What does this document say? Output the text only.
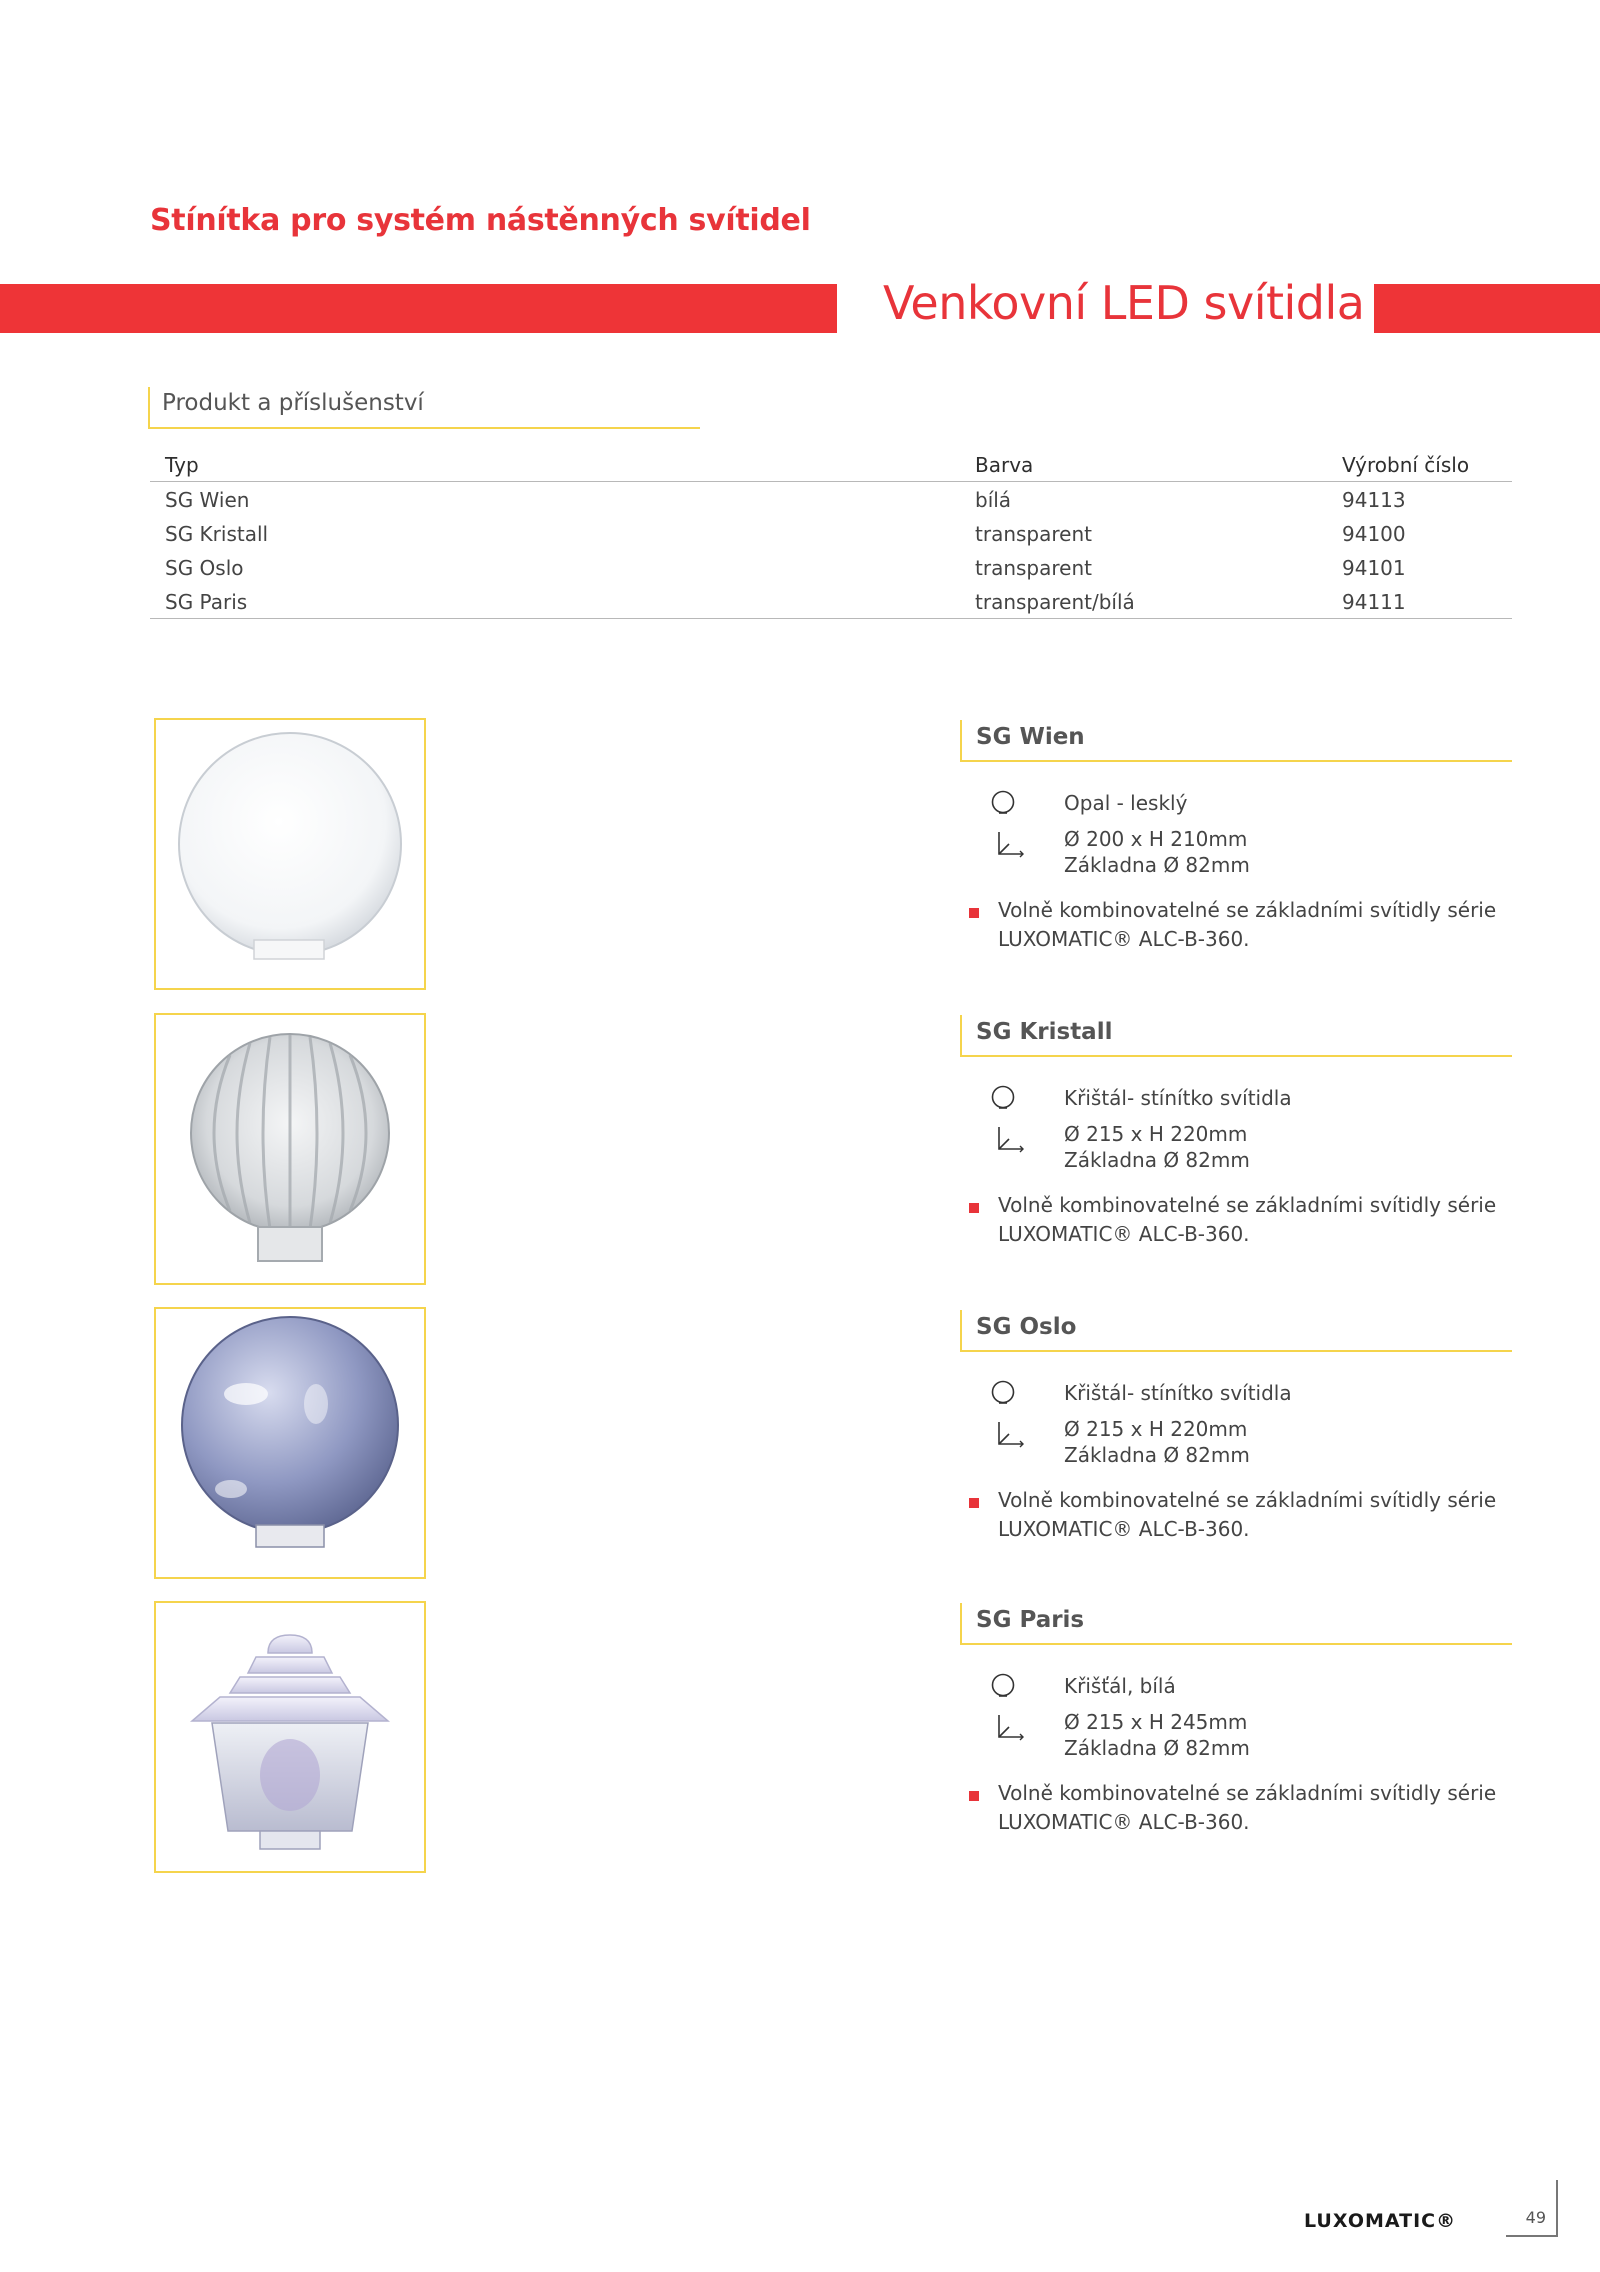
Stínítka pro systém nástěnných svítidel
Venkovní LED svítidla
Produkt a příslušenství
Typ	Barva	Výrobní číslo
SG Wien	bílá	94113
SG Kristall	transparent	94100
SG Oslo	transparent	94101
SG Paris	transparent/bílá	94111
SG Wien
Opal - lesklý
Ø 200 x H 210mm
Základna Ø 82mm
Volně kombinovatelné se základními svítidly série
LUXOMATIC® ALC-B-360.
SG Kristall
Křištál- stínítko svítidla
Ø 215 x H 220mm
Základna Ø 82mm
Volně kombinovatelné se základními svítidly série
LUXOMATIC® ALC-B-360.
SG Oslo
Křištál- stínítko svítidla
Ø 215 x H 220mm
Základna Ø 82mm
Volně kombinovatelné se základními svítidly série
LUXOMATIC® ALC-B-360.
SG Paris
Křišťál, bílá
Ø 215 x H 245mm
Základna Ø 82mm
Volně kombinovatelné se základními svítidly série
LUXOMATIC® ALC-B-360.
LUXOMATIC®	49
